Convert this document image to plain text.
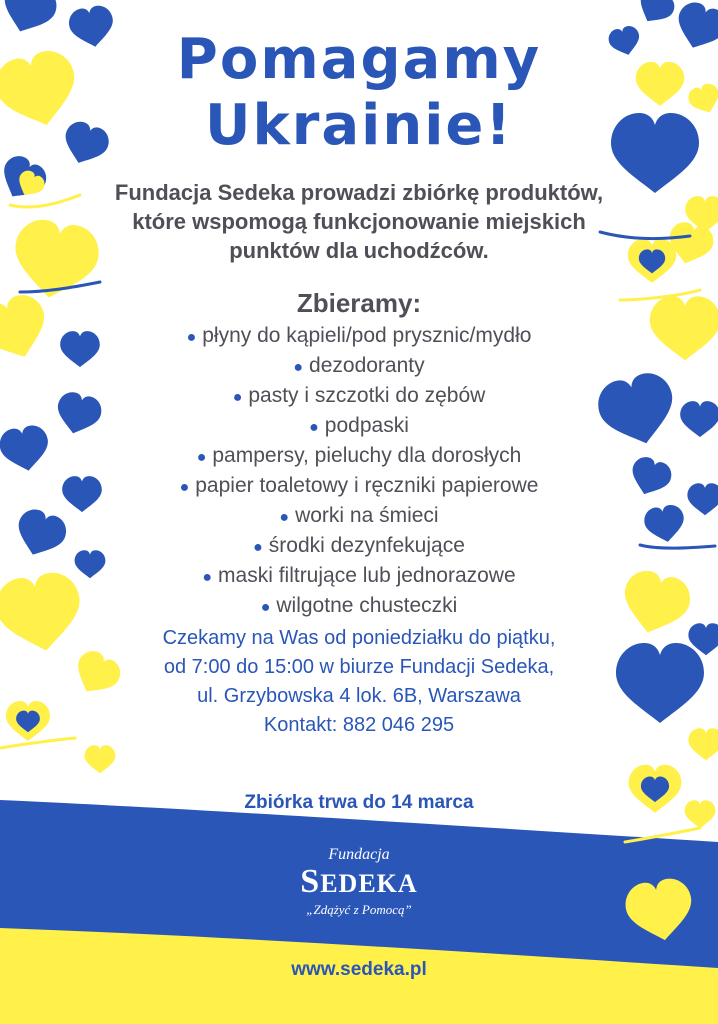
Pomagamy
Ukrainie!
Fundacja Sedeka prowadzi zbiórkę produktów,
które wspomogą funkcjonowanie miejskich
punktów dla uchodźców.
Zbieramy:
● płyny do kąpieli/pod prysznic/mydło
● dezodoranty
● pasty i szczotki do zębów
● podpaski
● pampersy, pieluchy dla dorosłych
● papier toaletowy i ręczniki papierowe
● worki na śmieci
● środki dezynfekujące
● maski filtrujące lub jednorazowe
● wilgotne chusteczki
Czekamy na Was od poniedziałku do piątku,
od 7:00 do 15:00 w biurze Fundacji Sedeka,
ul. Grzybowska 4 lok. 6B, Warszawa
Kontakt: 882 046 295
Zbiórka trwa do 14 marca
Fundacja
SEDEKA
„Zdążyć z Pomocą”
www.sedeka.pl
